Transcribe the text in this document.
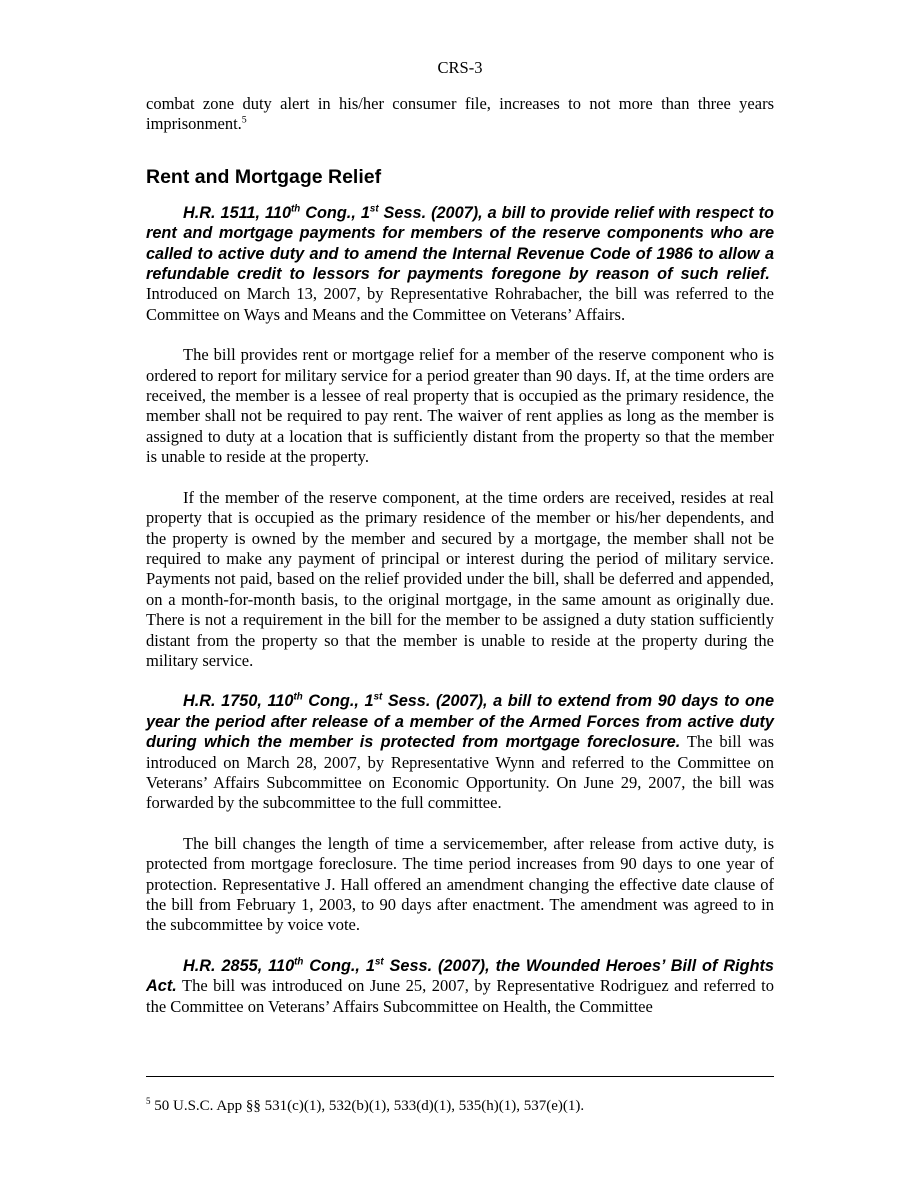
CRS-3

combat zone duty alert in his/her consumer file, increases to not more than three years imprisonment.$^5$

Rent and Mortgage Relief

H.R. 1511, 110th Cong., 1st Sess. (2007), a bill to provide relief with respect to rent and mortgage payments for members of the reserve components who are called to active duty and to amend the Internal Revenue Code of 1986 to allow a refundable credit to lessors for payments foregone by reason of such relief.  Introduced on March 13, 2007, by Representative Rohrabacher, the bill was referred to the Committee on Ways and Means and the Committee on Veterans’ Affairs.

The bill provides rent or mortgage relief for a member of the reserve component who is ordered to report for military service for a period greater than 90 days. If, at the time orders are received, the member is a lessee of real property that is occupied as the primary residence, the member shall not be required to pay rent. The waiver of rent applies as long as the member is assigned to duty at a location that is sufficiently distant from the property so that the member is unable to reside at the property.

If the member of the reserve component, at the time orders are received, resides at real property that is occupied as the primary residence of the member or his/her dependents, and the property is owned by the member and secured by a mortgage, the member shall not be required to make any payment of principal or interest during the period of military service. Payments not paid, based on the relief provided under the bill, shall be deferred and appended, on a month-for-month basis, to the original mortgage, in the same amount as originally due. There is not a requirement in the bill for the member to be assigned a duty station sufficiently distant from the property so that the member is unable to reside at the property during the military service.

H.R. 1750, 110th Cong., 1st Sess. (2007), a bill to extend from 90 days to one year the period after release of a member of the Armed Forces from active duty during which the member is protected from mortgage foreclosure. The bill was introduced on March 28, 2007, by Representative Wynn and referred to the Committee on Veterans’ Affairs Subcommittee on Economic Opportunity. On June 29, 2007, the bill was forwarded by the subcommittee to the full committee.

The bill changes the length of time a servicemember, after release from active duty, is protected from mortgage foreclosure. The time period increases from 90 days to one year of protection. Representative J. Hall offered an amendment changing the effective date clause of the bill from February 1, 2003, to 90 days after enactment. The amendment was agreed to in the subcommittee by voice vote.

H.R. 2855, 110th Cong., 1st Sess. (2007), the Wounded Heroes’ Bill of Rights Act. The bill was introduced on June 25, 2007, by Representative Rodriguez and referred to the Committee on Veterans’ Affairs Subcommittee on Health, the Committee

$^5$ 50 U.S.C. App §§ 531(c)(1), 532(b)(1), 533(d)(1), 535(h)(1), 537(e)(1).
